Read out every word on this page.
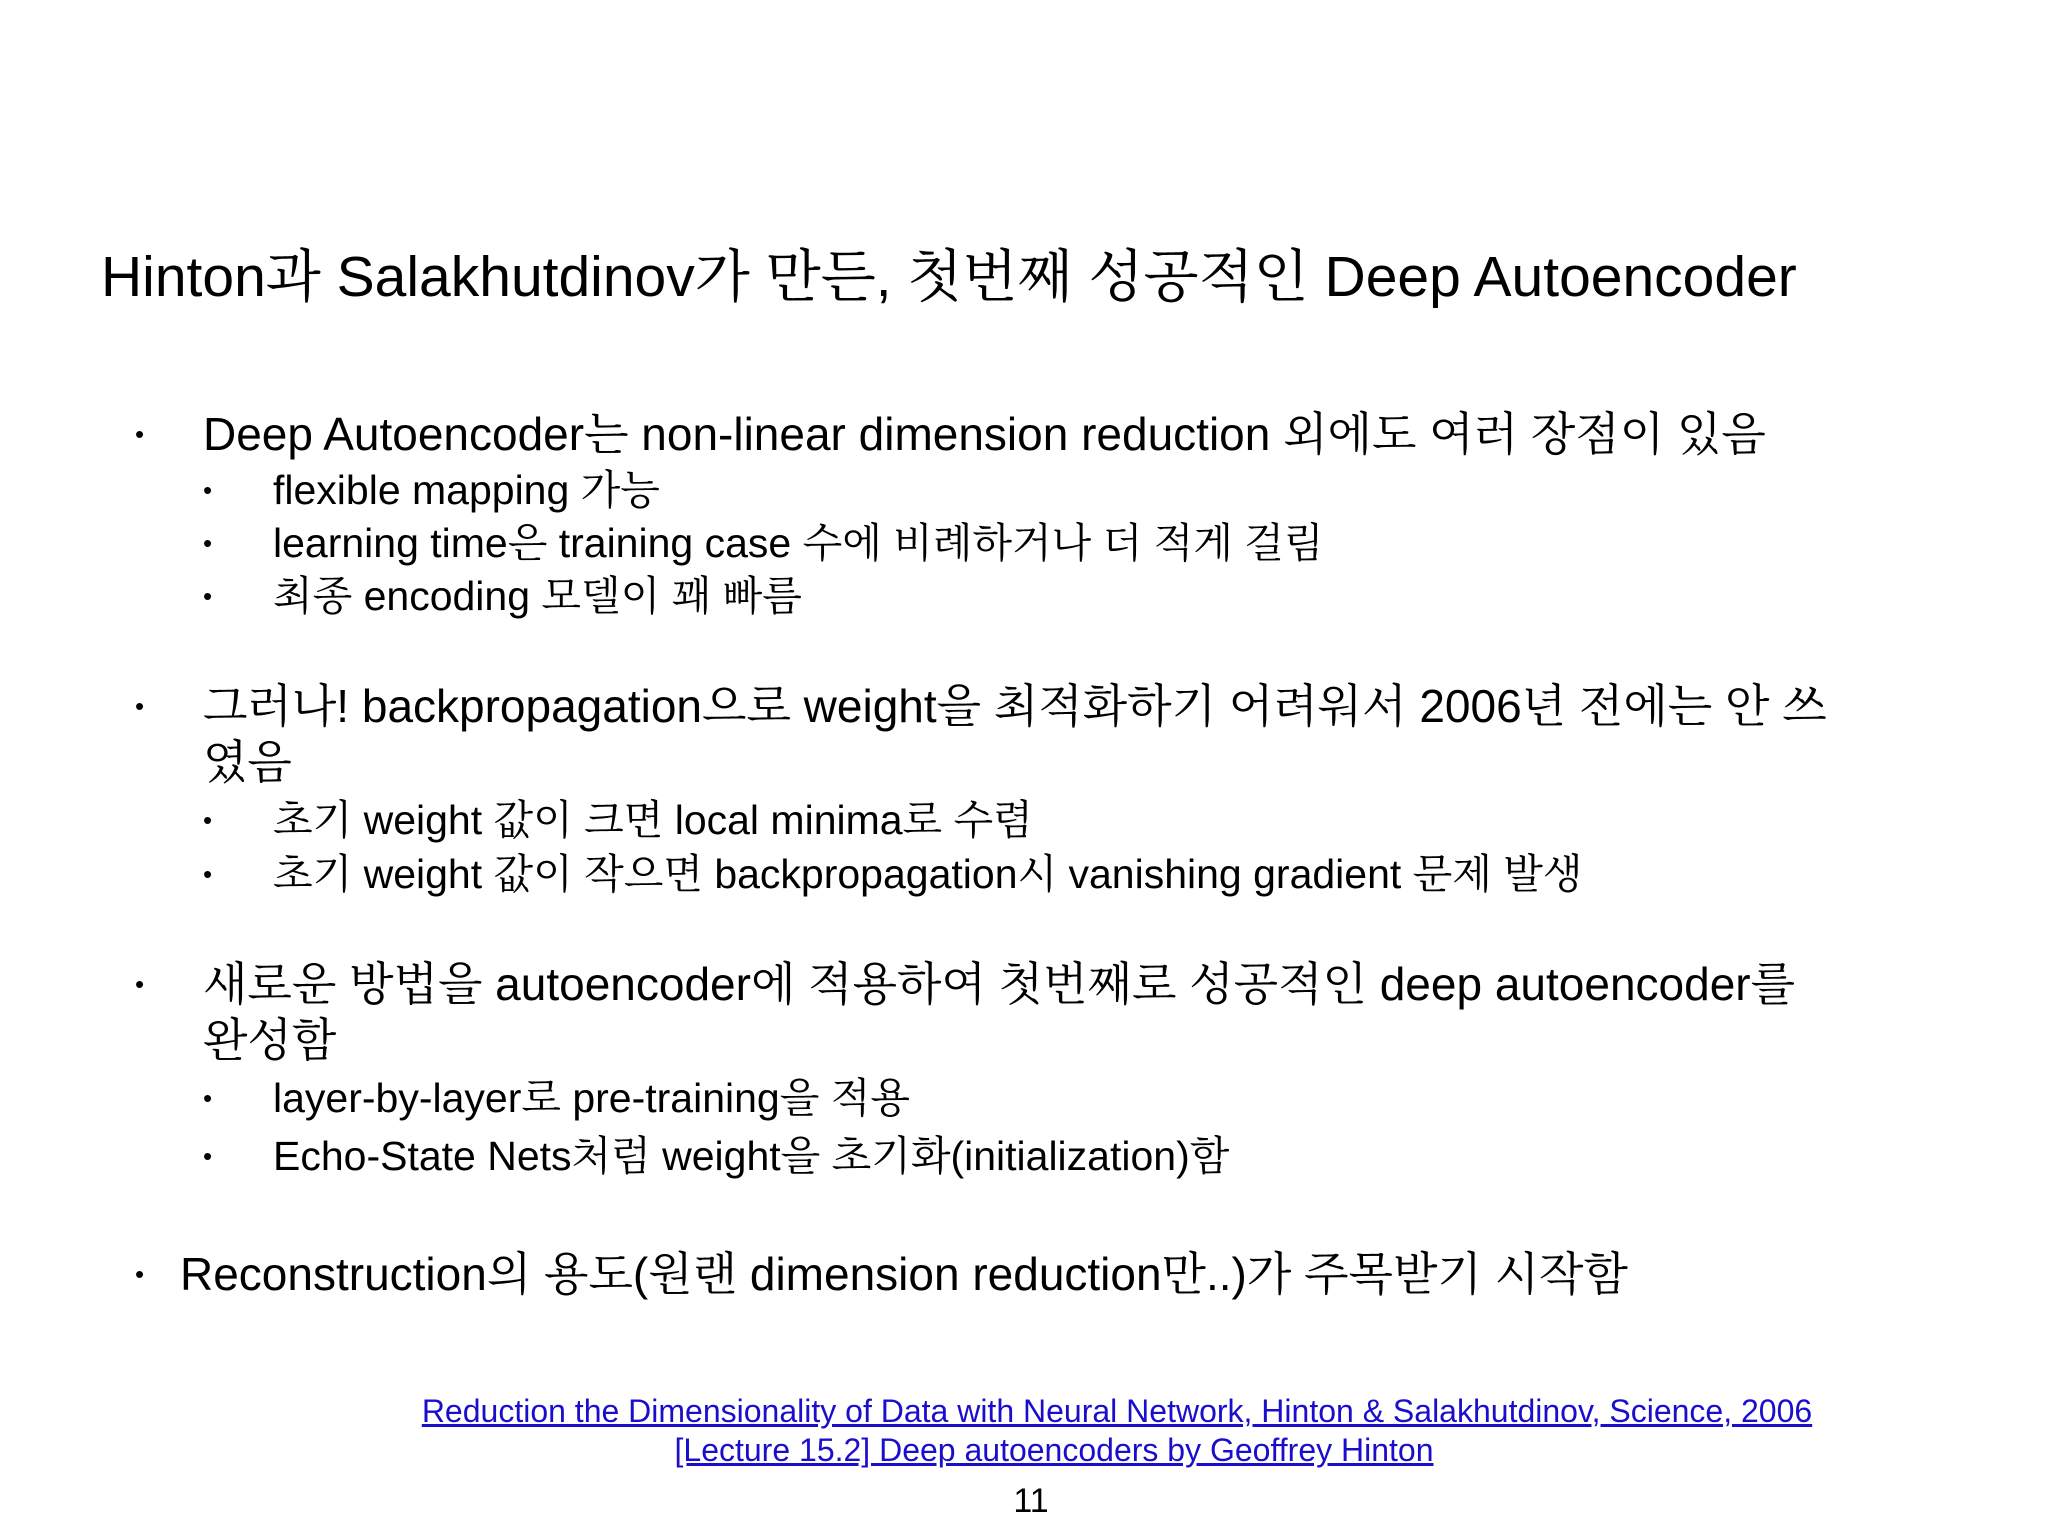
Hinton과 Salakhutdinov가 만든, 첫번째 성공적인 Deep Autoencoder
• Deep Autoencoder는 non-linear dimension reduction 외에도 여러 장점이 있음
• flexible mapping 가능
• learning time은 training case 수에 비례하거나 더 적게 걸림
• 최종 encoding 모델이 꽤 빠름
• 그러나! backpropagation으로 weight을 최적화하기 어려워서 2006년 전에는 안 쓰
였음
• 초기 weight 값이 크면 local minima로 수렴
• 초기 weight 값이 작으면 backpropagation시 vanishing gradient 문제 발생
• 새로운 방법을 autoencoder에 적용하여 첫번째로 성공적인 deep autoencoder를
완성함
• layer-by-layer로 pre-training을 적용
• Echo-State Nets처럼 weight을 초기화(initialization)함
• Reconstruction의 용도(원랜 dimension reduction만..)가 주목받기 시작함
Reduction the Dimensionality of Data with Neural Network, Hinton & Salakhutdinov, Science, 2006
[Lecture 15.2] Deep autoencoders by Geoffrey Hinton
11
